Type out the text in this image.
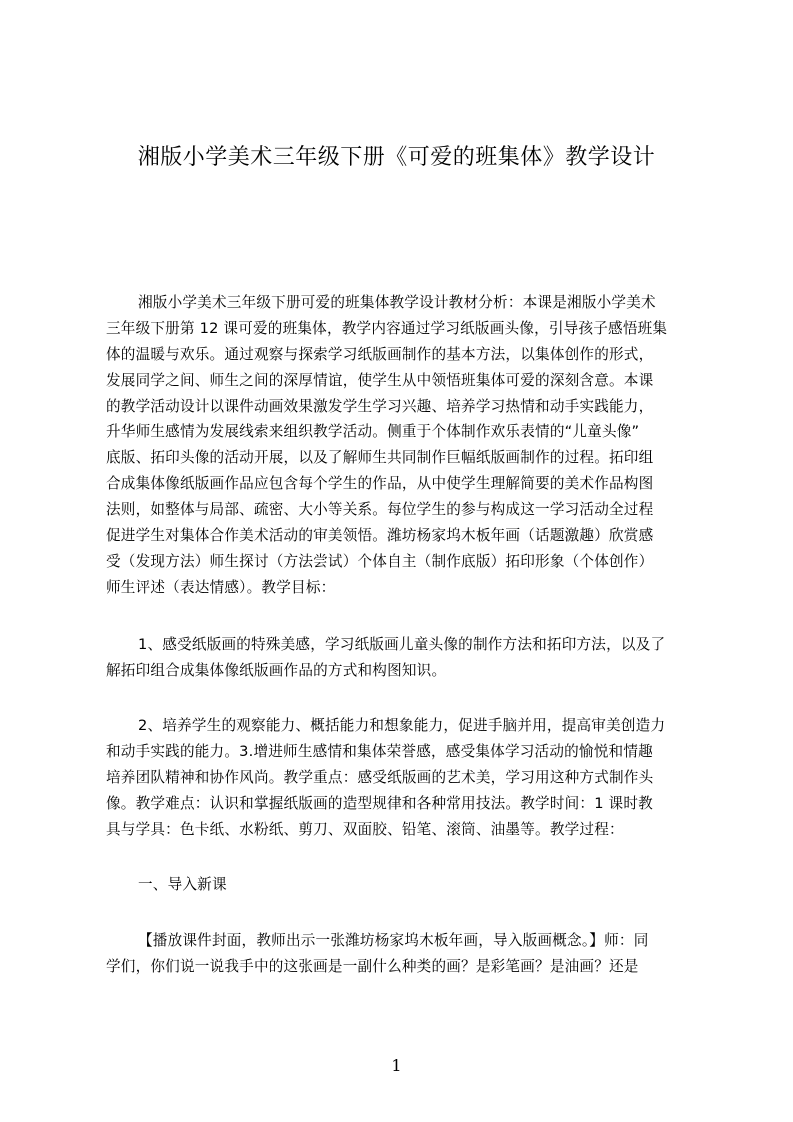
湘版小学美术三年级下册《可爱的班集体》教学设计
湘版小学美术三年级下册可爱的班集体教学设计教材分析：本课是湘版小学美术
三年级下册第 12 课可爱的班集体，教学内容通过学习纸版画头像，引导孩子感悟班集
体的温暖与欢乐。通过观察与探索学习纸版画制作的基本方法，以集体创作的形式，
发展同学之间、师生之间的深厚情谊，使学生从中领悟班集体可爱的深刻含意。本课
的教学活动设计以课件动画效果激发学生学习兴趣、培养学习热情和动手实践能力，
升华师生感情为发展线索来组织教学活动。侧重于个体制作欢乐表情的“儿童头像”
底版、拓印头像的活动开展，以及了解师生共同制作巨幅纸版画制作的过程。拓印组
合成集体像纸版画作品应包含每个学生的作品，从中使学生理解简要的美术作品构图
法则，如整体与局部、疏密、大小等关系。每位学生的参与构成这一学习活动全过程
促进学生对集体合作美术活动的审美领悟。潍坊杨家坞木板年画（话题激趣）欣赏感
受（发现方法）师生探讨（方法尝试）个体自主（制作底版）拓印形象（个体创作）
师生评述（表达情感）。教学目标：
1、感受纸版画的特殊美感，学习纸版画儿童头像的制作方法和拓印方法，以及了
解拓印组合成集体像纸版画作品的方式和构图知识。
2、培养学生的观察能力、概括能力和想象能力，促进手脑并用，提高审美创造力
和动手实践的能力。3.增进师生感情和集体荣誉感，感受集体学习活动的愉悦和情趣
培养团队精神和协作风尚。教学重点：感受纸版画的艺术美，学习用这种方式制作头
像。教学难点：认识和掌握纸版画的造型规律和各种常用技法。教学时间：1 课时教
具与学具：色卡纸、水粉纸、剪刀、双面胶、铅笔、滚筒、油墨等。教学过程：
一、导入新课
【播放课件封面，教师出示一张潍坊杨家坞木板年画，导入版画概念。】师：同
学们，你们说一说我手中的这张画是一副什么种类的画？是彩笔画？是油画？还是
1
